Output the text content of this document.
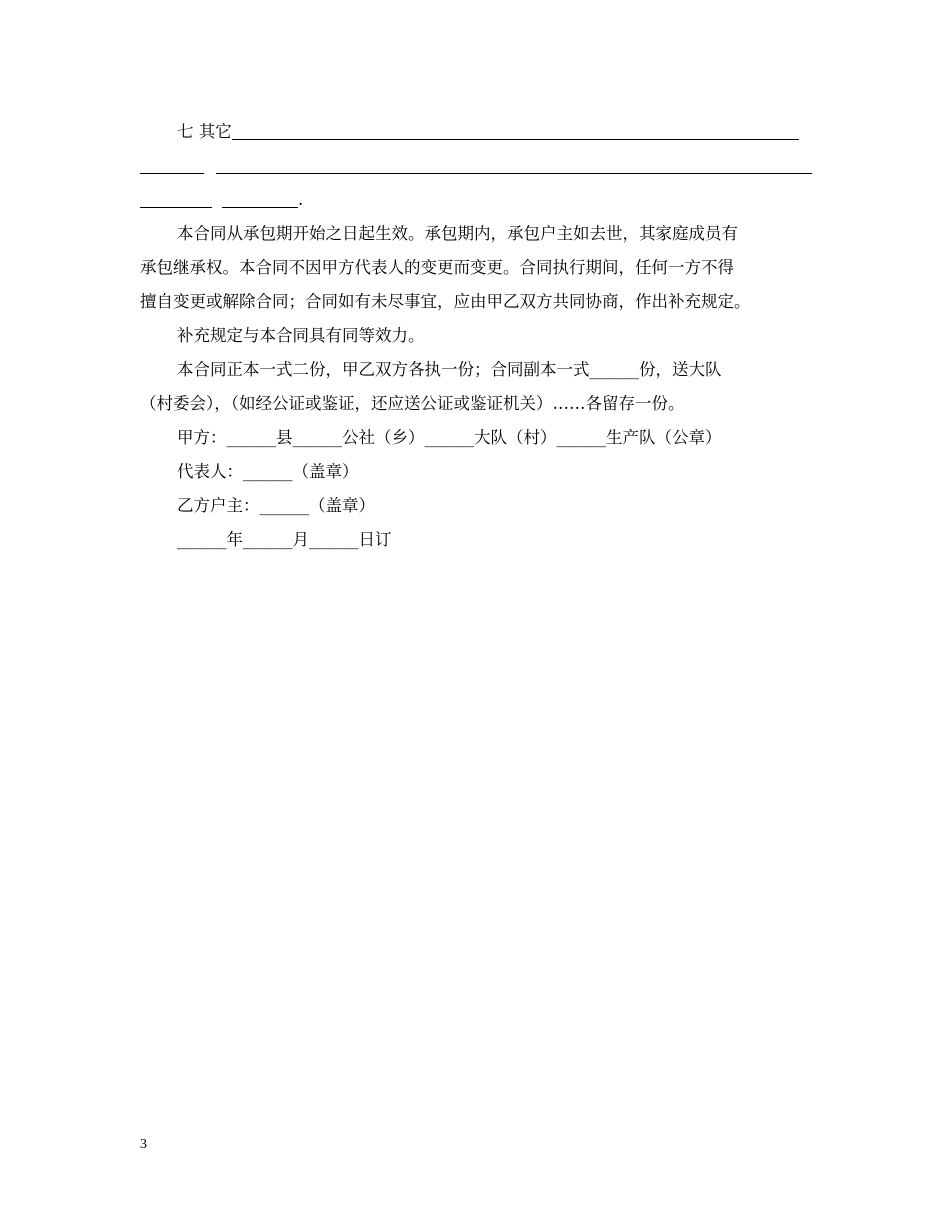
七 其它
.
本合同从承包期开始之日起生效。承包期内，承包户主如去世，其家庭成员有
承包继承权。本合同不因甲方代表人的变更而变更。合同执行期间，任何一方不得
擅自变更或解除合同；合同如有未尽事宜，应由甲乙双方共同协商，作出补充规定。
补充规定与本合同具有同等效力。
本合同正本一式二份，甲乙双方各执一份；合同副本一式______份，送大队
（村委会），（如经公证或鉴证，还应送公证或鉴证机关）……各留存一份。
甲方：______县______公社（乡）______大队（村）______生产队（公章）
代表人：______（盖章）
乙方户主：______（盖章）
______年______月______日订
3
